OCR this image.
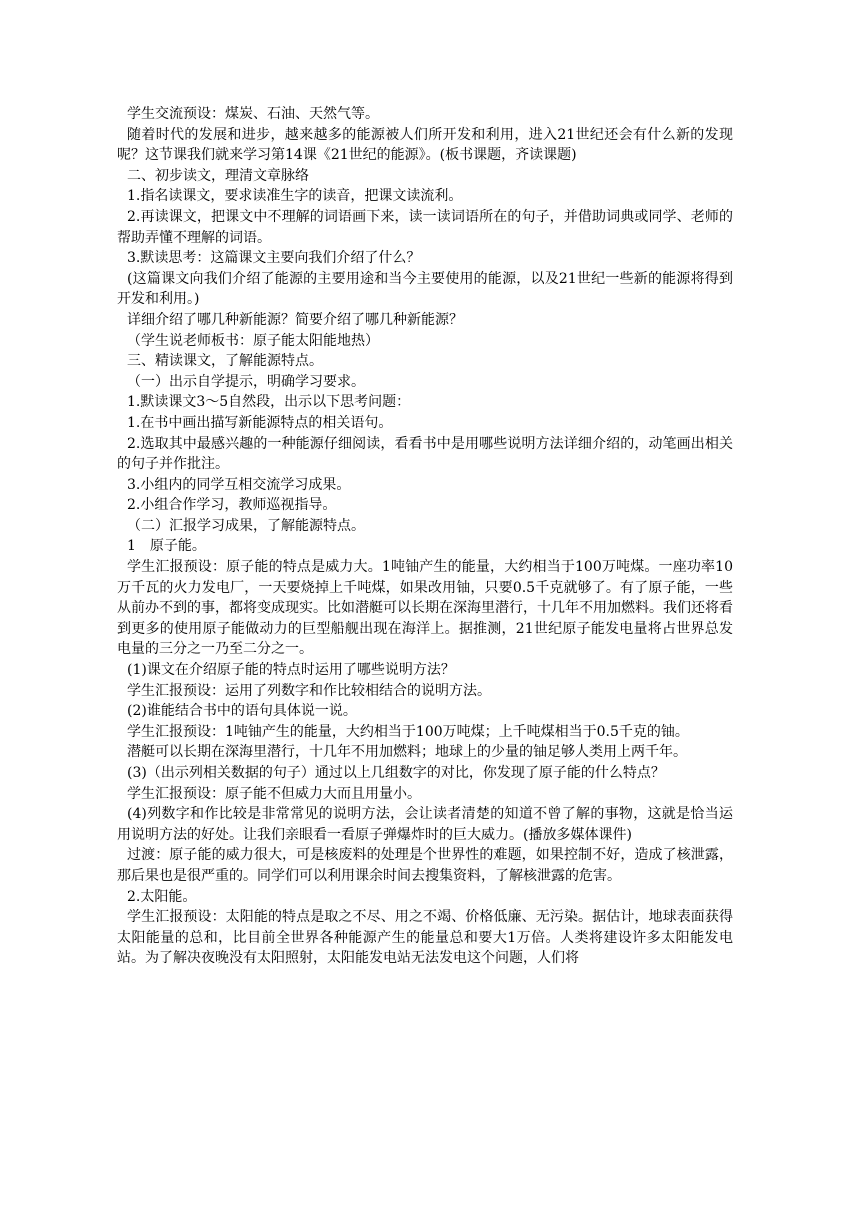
学生交流预设：煤炭、石油、天然气等。

随着时代的发展和进步，越来越多的能源被人们所开发和利用，进入21世纪还会有什么新的发现呢？这节课我们就来学习第14课《21世纪的能源》。(板书课题，齐读课题)

二、初步读文，理清文章脉络

1.指名读课文，要求读准生字的读音，把课文读流利。

2.再读课文，把课文中不理解的词语画下来，读一读词语所在的句子，并借助词典或同学、老师的帮助弄懂不理解的词语。

3.默读思考：这篇课文主要向我们介绍了什么？

(这篇课文向我们介绍了能源的主要用途和当今主要使用的能源，以及21世纪一些新的能源将得到开发和利用。)

详细介绍了哪几种新能源？简要介绍了哪几种新能源？

（学生说老师板书：原子能太阳能地热）

三、精读课文，了解能源特点。

（一）出示自学提示，明确学习要求。

1.默读课文3～5自然段，出示以下思考问题：

1.在书中画出描写新能源特点的相关语句。

2.选取其中最感兴趣的一种能源仔细阅读，看看书中是用哪些说明方法详细介绍的，动笔画出相关的句子并作批注。

3.小组内的同学互相交流学习成果。

2.小组合作学习，教师巡视指导。

（二）汇报学习成果，了解能源特点。

1　原子能。

学生汇报预设：原子能的特点是威力大。1吨铀产生的能量，大约相当于100万吨煤。一座功率10万千瓦的火力发电厂，一天要烧掉上千吨煤，如果改用铀，只要0.5千克就够了。有了原子能，一些从前办不到的事，都将变成现实。比如潜艇可以长期在深海里潜行，十几年不用加燃料。我们还将看到更多的使用原子能做动力的巨型船舰出现在海洋上。据推测，21世纪原子能发电量将占世界总发电量的三分之一乃至二分之一。

(1)课文在介绍原子能的特点时运用了哪些说明方法？

学生汇报预设：运用了列数字和作比较相结合的说明方法。

(2)谁能结合书中的语句具体说一说。

学生汇报预设：1吨铀产生的能量，大约相当于100万吨煤；上千吨煤相当于0.5千克的铀。

潜艇可以长期在深海里潜行，十几年不用加燃料；地球上的少量的铀足够人类用上两千年。

(3)（出示列相关数据的句子）通过以上几组数字的对比，你发现了原子能的什么特点？

学生汇报预设：原子能不但威力大而且用量小。

(4)列数字和作比较是非常常见的说明方法，会让读者清楚的知道不曾了解的事物，这就是恰当运用说明方法的好处。让我们亲眼看一看原子弹爆炸时的巨大威力。(播放多媒体课件)

过渡：原子能的威力很大，可是核废料的处理是个世界性的难题，如果控制不好，造成了核泄露，那后果也是很严重的。同学们可以利用课余时间去搜集资料，了解核泄露的危害。

2.太阳能。

学生汇报预设：太阳能的特点是取之不尽、用之不竭、价格低廉、无污染。据估计，地球表面获得太阳能量的总和，比目前全世界各种能源产生的能量总和要大1万倍。人类将建设许多太阳能发电站。为了解决夜晚没有太阳照射，太阳能发电站无法发电这个问题，人们将
